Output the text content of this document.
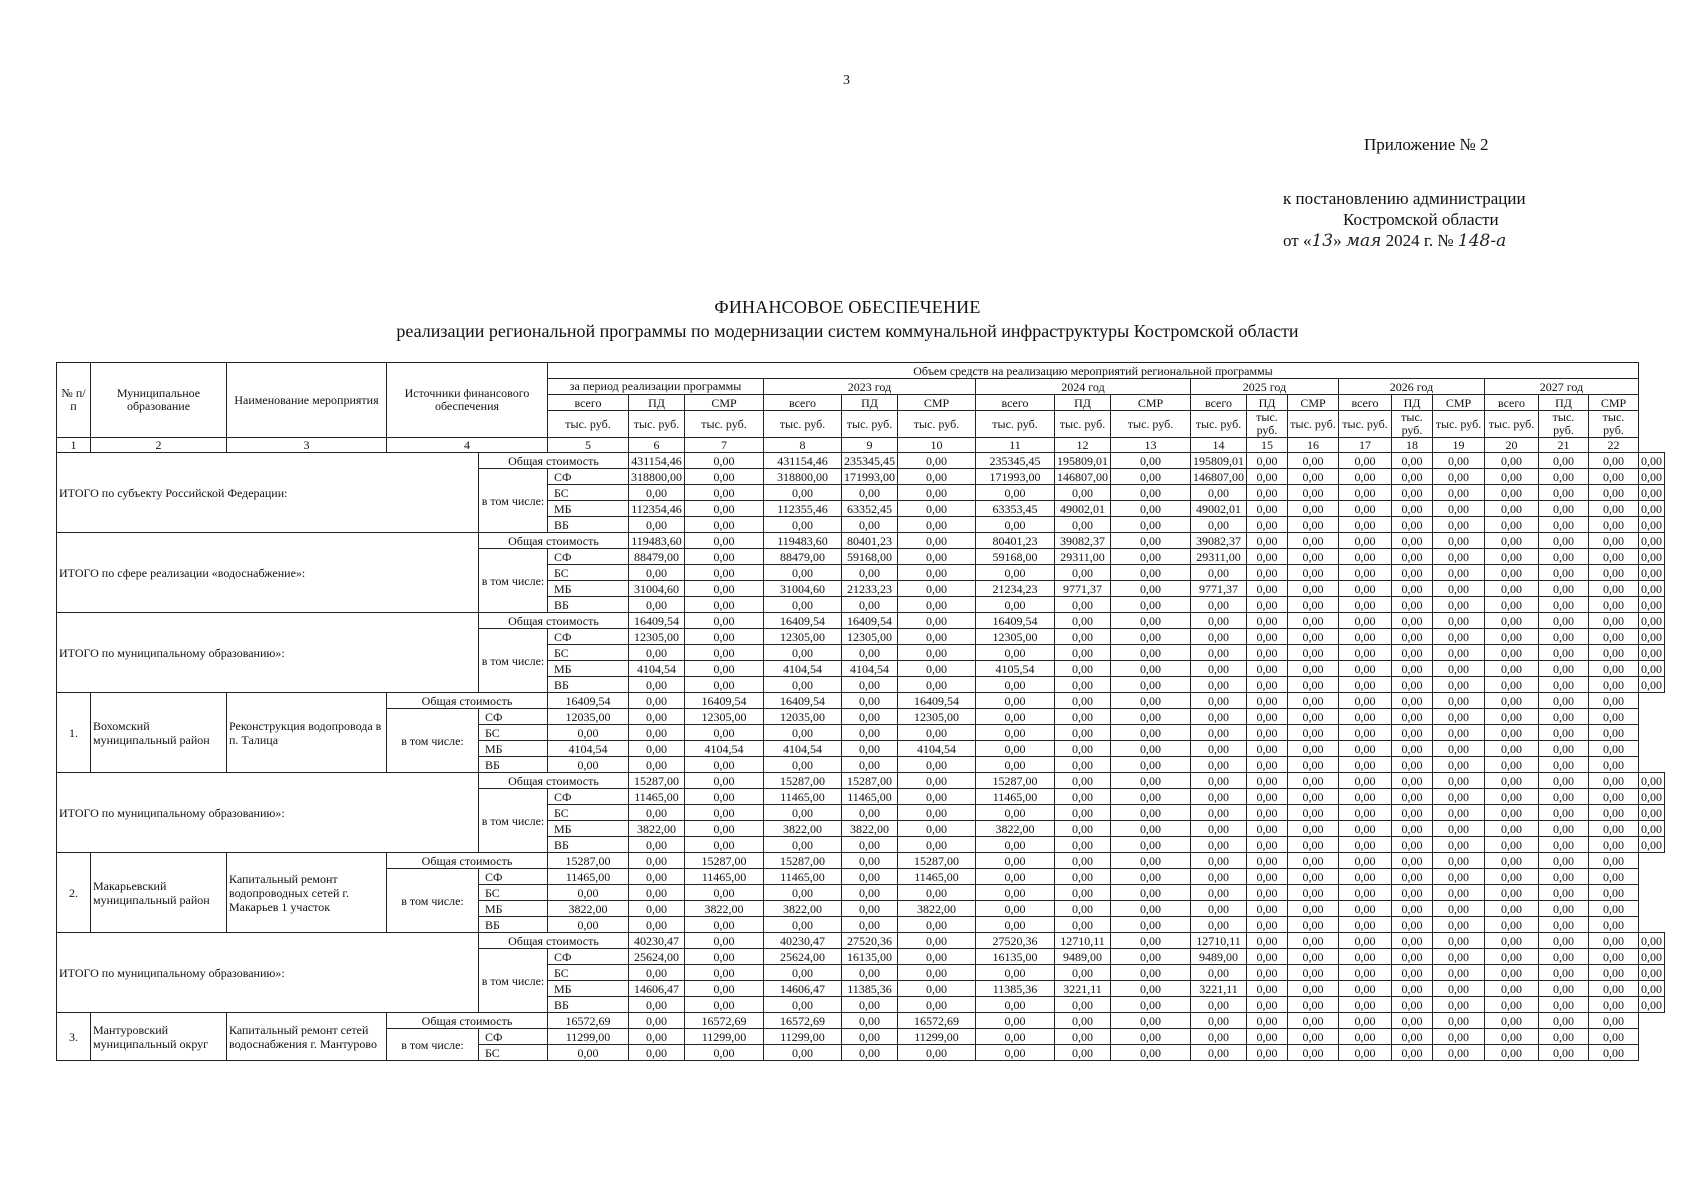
3
Приложение № 2
к постановлению администрации
Костромской области
от «13» мая 2024 г. № 148-а
ФИНАНСОВОЕ ОБЕСПЕЧЕНИЕ
реализации региональной программы по модернизации систем коммунальной инфраструктуры Костромской области
№ п/п	Муниципальное образование	Наименование мероприятия	Источники финансового обеспечения		Объем средств на реализацию мероприятий региональной программы																		
					за период реализации программы			2023 год			2024 год			2025 год			2026 год			2027 год			
					всего	ПД	СМР	всего	ПД	СМР	всего	ПД	СМР	всего	ПД	СМР	всего	ПД	СМР	всего	ПД	СМР	
					тыс. руб.	тыс. руб.	тыс. руб.	тыс. руб.	тыс. руб.	тыс. руб.	тыс. руб.	тыс. руб.	тыс. руб.	тыс. руб.	тыс. руб.	тыс. руб.	тыс. руб.	тыс. руб.	тыс. руб.	тыс. руб.	тыс. руб.	тыс. руб.	
1	2	3	4		5	6	7	8	9	10	11	12	13	14	15	16	17	18	19	20	21	22	
ИТОГО по субъекту Российской Федерации:				Общая стоимость		431154,46	0,00	431154,46	235345,45	0,00	235345,45	195809,01	0,00	195809,01	0,00	0,00	0,00	0,00	0,00	0,00	0,00	0,00	0,00
				в том числе:	СФ	318800,00	0,00	318800,00	171993,00	0,00	171993,00	146807,00	0,00	146807,00	0,00	0,00	0,00	0,00	0,00	0,00	0,00	0,00	0,00
					БС	0,00	0,00	0,00	0,00	0,00	0,00	0,00	0,00	0,00	0,00	0,00	0,00	0,00	0,00	0,00	0,00	0,00	0,00
					МБ	112354,46	0,00	112355,46	63352,45	0,00	63353,45	49002,01	0,00	49002,01	0,00	0,00	0,00	0,00	0,00	0,00	0,00	0,00	0,00
					ВБ	0,00	0,00	0,00	0,00	0,00	0,00	0,00	0,00	0,00	0,00	0,00	0,00	0,00	0,00	0,00	0,00	0,00	0,00
ИТОГО по сфере реализации «водоснабжение»:				Общая стоимость		119483,60	0,00	119483,60	80401,23	0,00	80401,23	39082,37	0,00	39082,37	0,00	0,00	0,00	0,00	0,00	0,00	0,00	0,00	0,00
				в том числе:	СФ	88479,00	0,00	88479,00	59168,00	0,00	59168,00	29311,00	0,00	29311,00	0,00	0,00	0,00	0,00	0,00	0,00	0,00	0,00	0,00
					БС	0,00	0,00	0,00	0,00	0,00	0,00	0,00	0,00	0,00	0,00	0,00	0,00	0,00	0,00	0,00	0,00	0,00	0,00
					МБ	31004,60	0,00	31004,60	21233,23	0,00	21234,23	9771,37	0,00	9771,37	0,00	0,00	0,00	0,00	0,00	0,00	0,00	0,00	0,00
					ВБ	0,00	0,00	0,00	0,00	0,00	0,00	0,00	0,00	0,00	0,00	0,00	0,00	0,00	0,00	0,00	0,00	0,00	0,00
ИТОГО по муниципальному образованию»:				Общая стоимость		16409,54	0,00	16409,54	16409,54	0,00	16409,54	0,00	0,00	0,00	0,00	0,00	0,00	0,00	0,00	0,00	0,00	0,00	0,00
				в том числе:	СФ	12305,00	0,00	12305,00	12305,00	0,00	12305,00	0,00	0,00	0,00	0,00	0,00	0,00	0,00	0,00	0,00	0,00	0,00	0,00
					БС	0,00	0,00	0,00	0,00	0,00	0,00	0,00	0,00	0,00	0,00	0,00	0,00	0,00	0,00	0,00	0,00	0,00	0,00
					МБ	4104,54	0,00	4104,54	4104,54	0,00	4105,54	0,00	0,00	0,00	0,00	0,00	0,00	0,00	0,00	0,00	0,00	0,00	0,00
					ВБ	0,00	0,00	0,00	0,00	0,00	0,00	0,00	0,00	0,00	0,00	0,00	0,00	0,00	0,00	0,00	0,00	0,00	0,00
1.	Вохомский муниципальный район	Реконструкция водопровода в п. Талица	Общая стоимость		16409,54	0,00	16409,54	16409,54	0,00	16409,54	0,00	0,00	0,00	0,00	0,00	0,00	0,00	0,00	0,00	0,00	0,00	0,00	
			в том числе:	СФ	12035,00	0,00	12305,00	12035,00	0,00	12305,00	0,00	0,00	0,00	0,00	0,00	0,00	0,00	0,00	0,00	0,00	0,00	0,00	
				БС	0,00	0,00	0,00	0,00	0,00	0,00	0,00	0,00	0,00	0,00	0,00	0,00	0,00	0,00	0,00	0,00	0,00	0,00	
				МБ	4104,54	0,00	4104,54	4104,54	0,00	4104,54	0,00	0,00	0,00	0,00	0,00	0,00	0,00	0,00	0,00	0,00	0,00	0,00	
				ВБ	0,00	0,00	0,00	0,00	0,00	0,00	0,00	0,00	0,00	0,00	0,00	0,00	0,00	0,00	0,00	0,00	0,00	0,00	
ИТОГО по муниципальному образованию»:				Общая стоимость		15287,00	0,00	15287,00	15287,00	0,00	15287,00	0,00	0,00	0,00	0,00	0,00	0,00	0,00	0,00	0,00	0,00	0,00	0,00
				в том числе:	СФ	11465,00	0,00	11465,00	11465,00	0,00	11465,00	0,00	0,00	0,00	0,00	0,00	0,00	0,00	0,00	0,00	0,00	0,00	0,00
					БС	0,00	0,00	0,00	0,00	0,00	0,00	0,00	0,00	0,00	0,00	0,00	0,00	0,00	0,00	0,00	0,00	0,00	0,00
					МБ	3822,00	0,00	3822,00	3822,00	0,00	3822,00	0,00	0,00	0,00	0,00	0,00	0,00	0,00	0,00	0,00	0,00	0,00	0,00
					ВБ	0,00	0,00	0,00	0,00	0,00	0,00	0,00	0,00	0,00	0,00	0,00	0,00	0,00	0,00	0,00	0,00	0,00	0,00
2.	Макарьевский муниципальный район	Капитальный ремонт водопроводных сетей г. Макарьев 1 участок	Общая стоимость		15287,00	0,00	15287,00	15287,00	0,00	15287,00	0,00	0,00	0,00	0,00	0,00	0,00	0,00	0,00	0,00	0,00	0,00	0,00	
			в том числе:	СФ	11465,00	0,00	11465,00	11465,00	0,00	11465,00	0,00	0,00	0,00	0,00	0,00	0,00	0,00	0,00	0,00	0,00	0,00	0,00	
				БС	0,00	0,00	0,00	0,00	0,00	0,00	0,00	0,00	0,00	0,00	0,00	0,00	0,00	0,00	0,00	0,00	0,00	0,00	
				МБ	3822,00	0,00	3822,00	3822,00	0,00	3822,00	0,00	0,00	0,00	0,00	0,00	0,00	0,00	0,00	0,00	0,00	0,00	0,00	
				ВБ	0,00	0,00	0,00	0,00	0,00	0,00	0,00	0,00	0,00	0,00	0,00	0,00	0,00	0,00	0,00	0,00	0,00	0,00	
ИТОГО по муниципальному образованию»:				Общая стоимость		40230,47	0,00	40230,47	27520,36	0,00	27520,36	12710,11	0,00	12710,11	0,00	0,00	0,00	0,00	0,00	0,00	0,00	0,00	0,00
				в том числе:	СФ	25624,00	0,00	25624,00	16135,00	0,00	16135,00	9489,00	0,00	9489,00	0,00	0,00	0,00	0,00	0,00	0,00	0,00	0,00	0,00
					БС	0,00	0,00	0,00	0,00	0,00	0,00	0,00	0,00	0,00	0,00	0,00	0,00	0,00	0,00	0,00	0,00	0,00	0,00
					МБ	14606,47	0,00	14606,47	11385,36	0,00	11385,36	3221,11	0,00	3221,11	0,00	0,00	0,00	0,00	0,00	0,00	0,00	0,00	0,00
					ВБ	0,00	0,00	0,00	0,00	0,00	0,00	0,00	0,00	0,00	0,00	0,00	0,00	0,00	0,00	0,00	0,00	0,00	0,00
3.	Мантуровский муниципальный округ	Капитальный ремонт сетей водоснабжения г. Мантурово	Общая стоимость		16572,69	0,00	16572,69	16572,69	0,00	16572,69	0,00	0,00	0,00	0,00	0,00	0,00	0,00	0,00	0,00	0,00	0,00	0,00	
			в том числе:	СФ	11299,00	0,00	11299,00	11299,00	0,00	11299,00	0,00	0,00	0,00	0,00	0,00	0,00	0,00	0,00	0,00	0,00	0,00	0,00	
				БС	0,00	0,00	0,00	0,00	0,00	0,00	0,00	0,00	0,00	0,00	0,00	0,00	0,00	0,00	0,00	0,00	0,00	0,00	
